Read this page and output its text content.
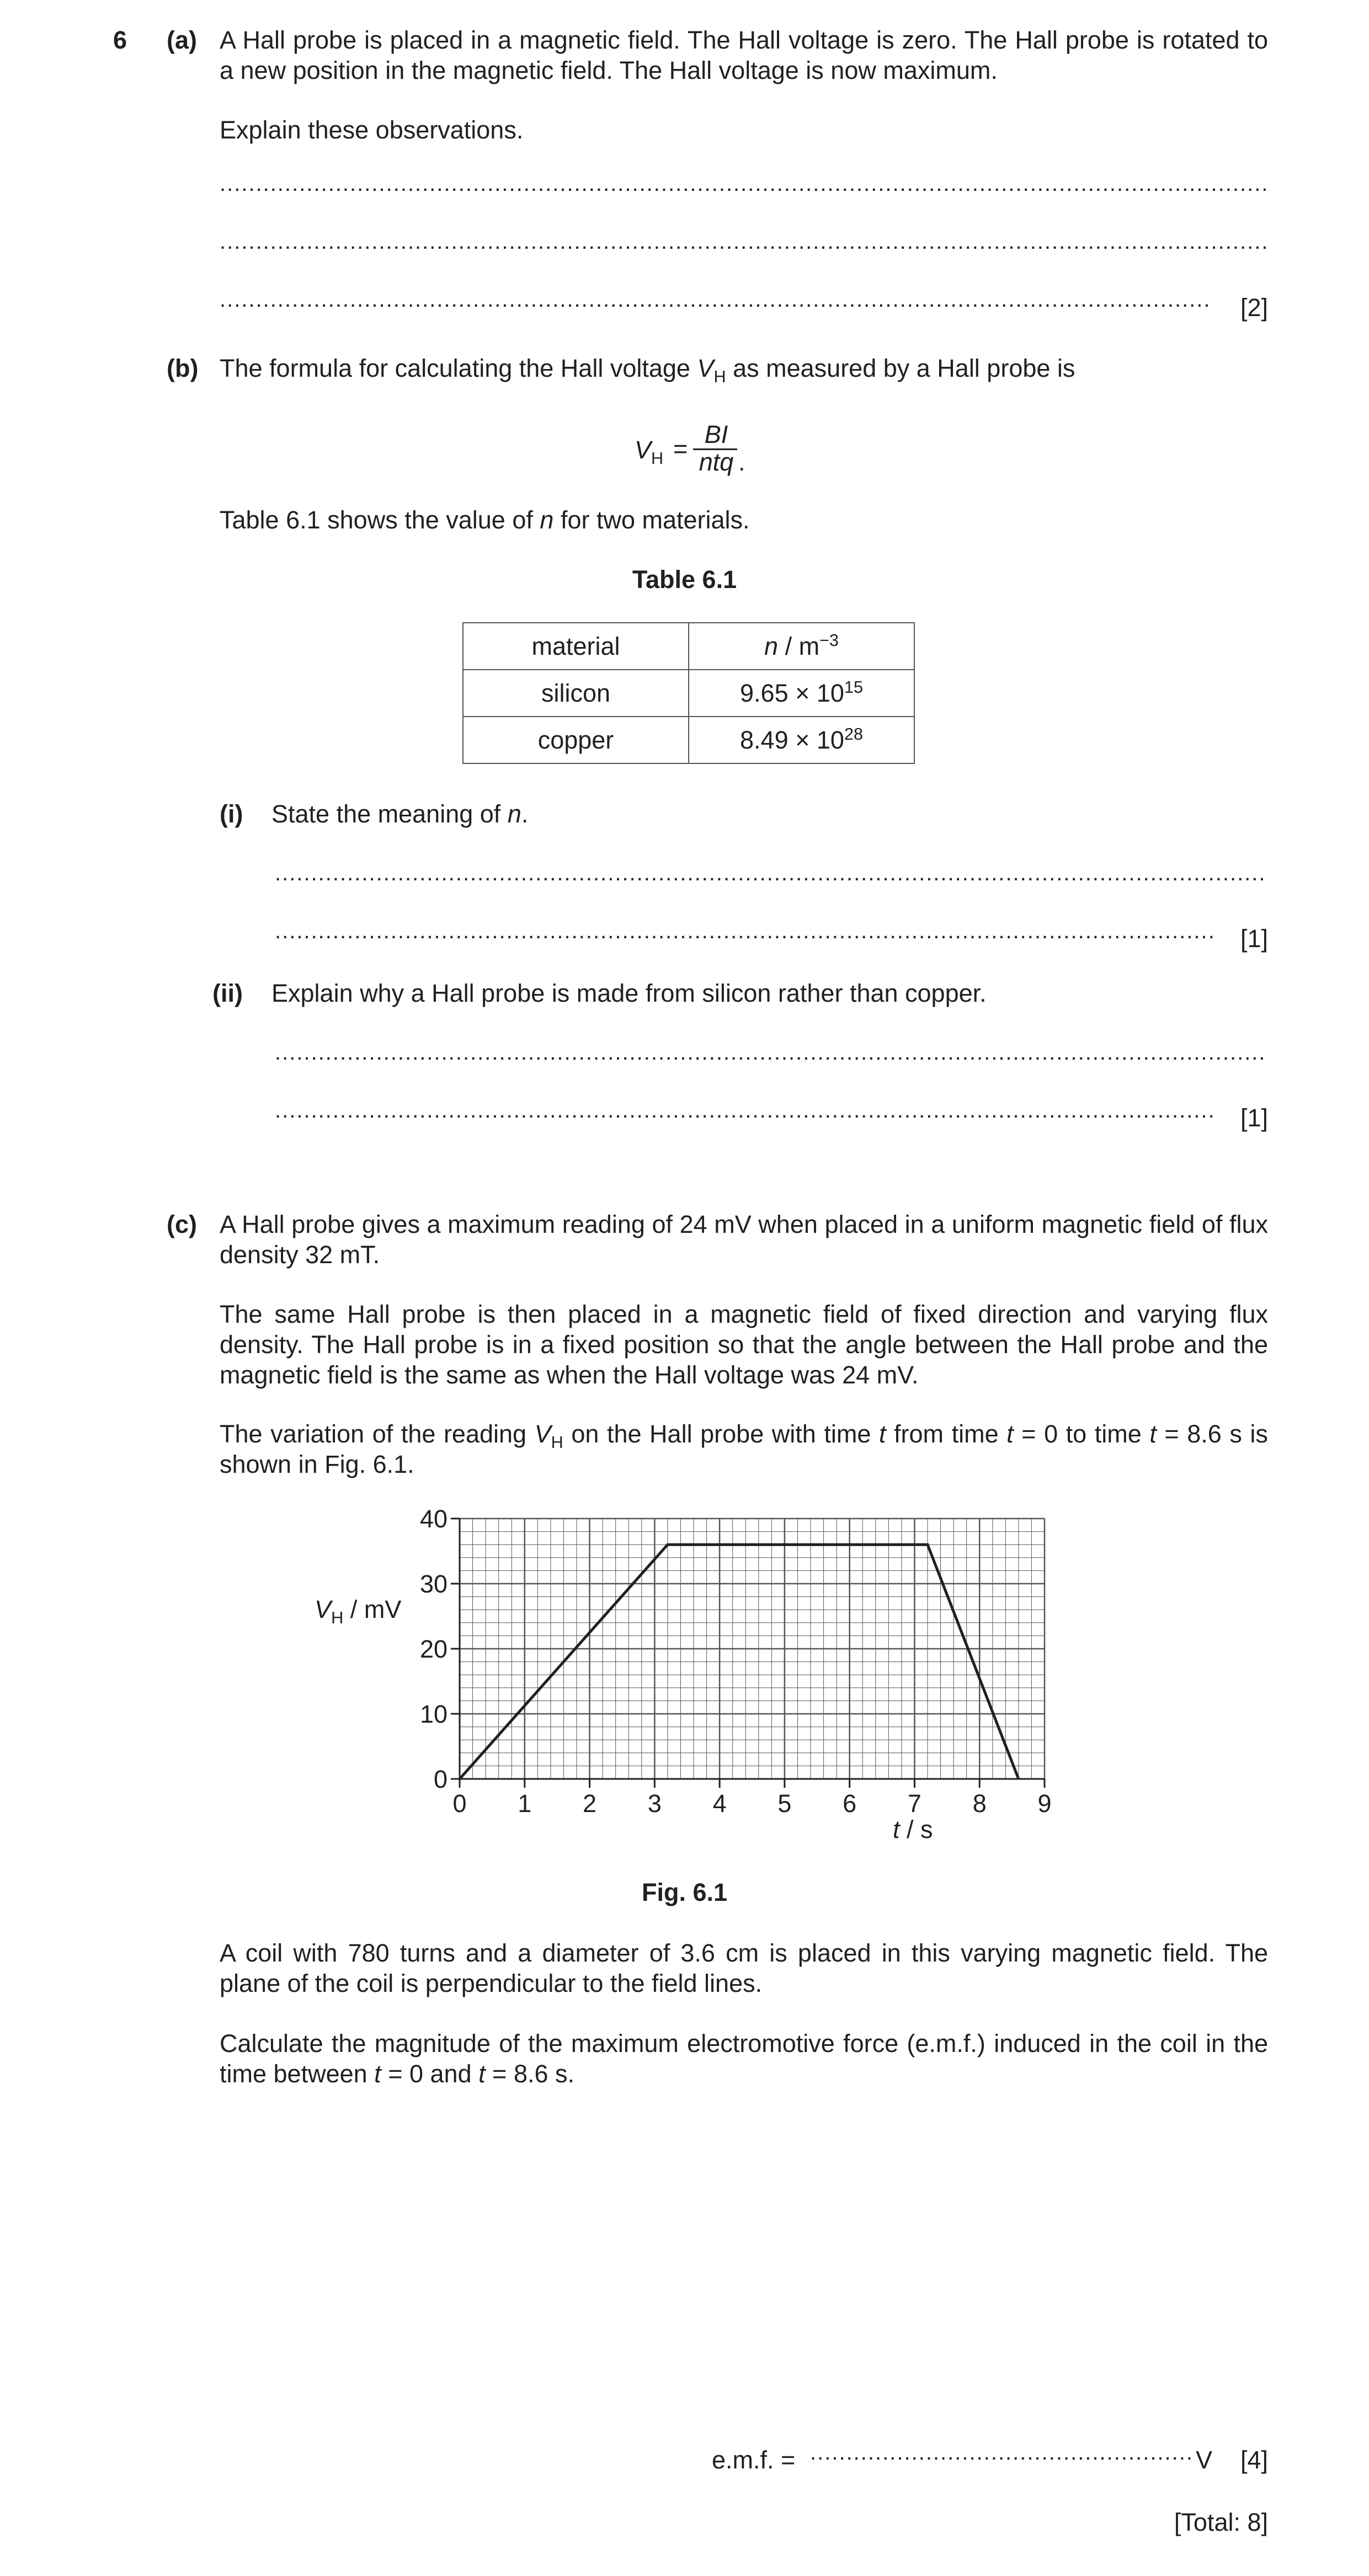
6 (a) A Hall probe is placed in a magnetic field. The Hall voltage is zero. The Hall probe is rotated to a new position in the magnetic field. The Hall voltage is now maximum.
Explain these observations.
.....
.....
.....
[2]
(b) The formula for calculating the Hall voltage $V_H$ as measured by a Hall probe is
$V_H$ =
BI
ntq .
Table 6.1 shows the value of n for two materials.
Table 6.1
material	n / $m^{-3}$
silicon	$9.65 \times 10^{15}$
copper	$8.49 \times 10^{28}$
(i) State the meaning of n.
.....
.....
[1]
(ii) Explain why a Hall probe is made from silicon rather than copper.
.....
.....
[1]
(c) A Hall probe gives a maximum reading of 24 mV when placed in a uniform magnetic field of flux density 32 mT.
The same Hall probe is then placed in a magnetic field of fixed direction and varying flux density. The Hall probe is in a fixed position so that the angle between the Hall probe and the magnetic field is the same as when the Hall voltage was 24 mV.
The variation of the reading $V_H$ on the Hall probe with time t from time t = 0 to time t = 8.6 s is shown in Fig. 6.1.
0 1 2 3 4 5 6 7 8 9
0
10
20
30
40
$V_H$ / mV
t / s
Fig. 6.1
A coil with 780 turns and a diameter of 3.6 cm is placed in this varying magnetic field. The plane of the coil is perpendicular to the field lines.
Calculate the magnitude of the maximum electromotive force (e.m.f.) induced in the coil in the time between t = 0 and t = 8.6 s.
e.m.f. = .....	V [4]
[Total: 8]
